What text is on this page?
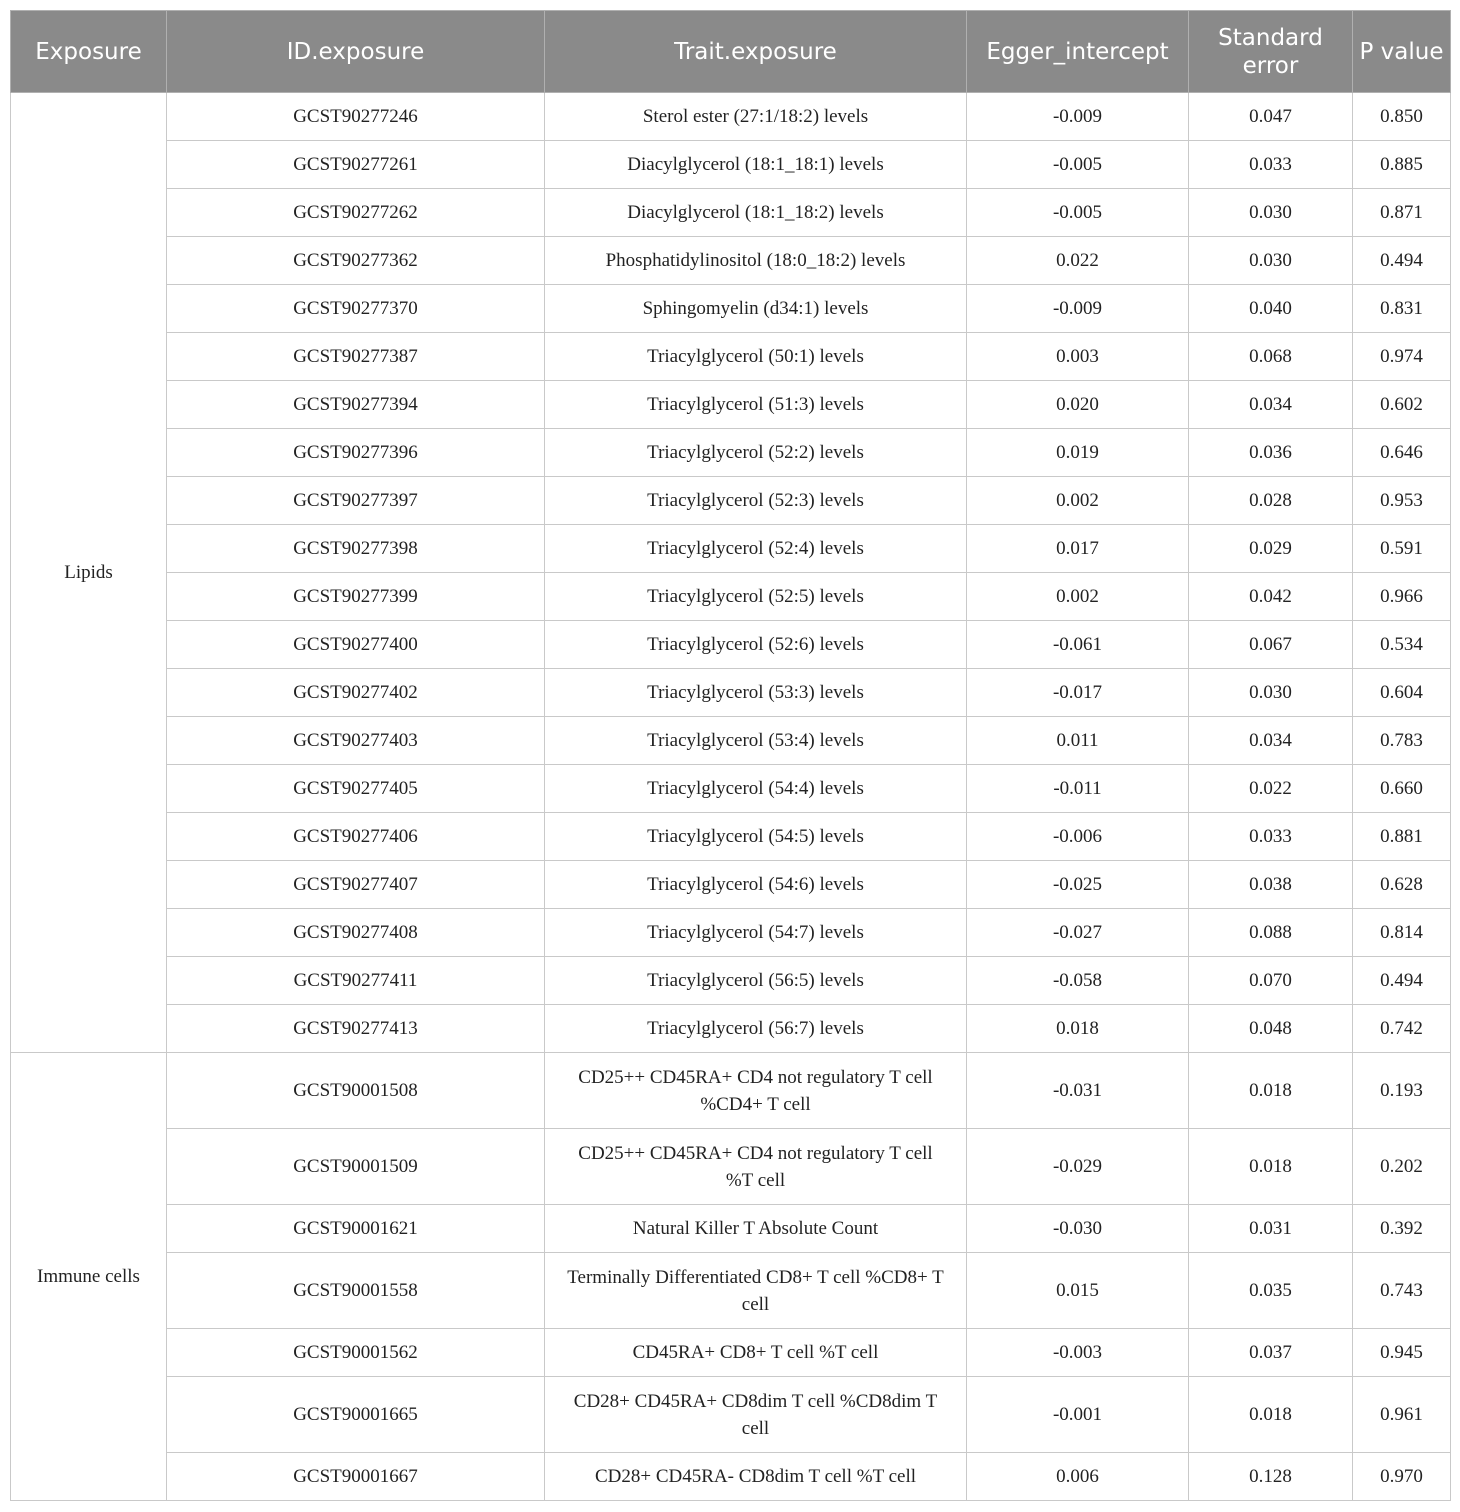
Exposure	ID.exposure	Trait.exposure	Egger_intercept	Standard error	P value
Lipids	GCST90277246	Sterol ester (27:1/18:2) levels	-0.009	0.047	0.850
	GCST90277261	Diacylglycerol (18:1_18:1) levels	-0.005	0.033	0.885
	GCST90277262	Diacylglycerol (18:1_18:2) levels	-0.005	0.030	0.871
	GCST90277362	Phosphatidylinositol (18:0_18:2) levels	0.022	0.030	0.494
	GCST90277370	Sphingomyelin (d34:1) levels	-0.009	0.040	0.831
	GCST90277387	Triacylglycerol (50:1) levels	0.003	0.068	0.974
	GCST90277394	Triacylglycerol (51:3) levels	0.020	0.034	0.602
	GCST90277396	Triacylglycerol (52:2) levels	0.019	0.036	0.646
	GCST90277397	Triacylglycerol (52:3) levels	0.002	0.028	0.953
	GCST90277398	Triacylglycerol (52:4) levels	0.017	0.029	0.591
	GCST90277399	Triacylglycerol (52:5) levels	0.002	0.042	0.966
	GCST90277400	Triacylglycerol (52:6) levels	-0.061	0.067	0.534
	GCST90277402	Triacylglycerol (53:3) levels	-0.017	0.030	0.604
	GCST90277403	Triacylglycerol (53:4) levels	0.011	0.034	0.783
	GCST90277405	Triacylglycerol (54:4) levels	-0.011	0.022	0.660
	GCST90277406	Triacylglycerol (54:5) levels	-0.006	0.033	0.881
	GCST90277407	Triacylglycerol (54:6) levels	-0.025	0.038	0.628
	GCST90277408	Triacylglycerol (54:7) levels	-0.027	0.088	0.814
	GCST90277411	Triacylglycerol (56:5) levels	-0.058	0.070	0.494
	GCST90277413	Triacylglycerol (56:7) levels	0.018	0.048	0.742
Immune cells	GCST90001508	CD25++ CD45RA+ CD4 not regulatory T cell %CD4+ T cell	-0.031	0.018	0.193
	GCST90001509	CD25++ CD45RA+ CD4 not regulatory T cell %T cell	-0.029	0.018	0.202
	GCST90001621	Natural Killer T Absolute Count	-0.030	0.031	0.392
	GCST90001558	Terminally Differentiated CD8+ T cell %CD8+ T cell	0.015	0.035	0.743
	GCST90001562	CD45RA+ CD8+ T cell %T cell	-0.003	0.037	0.945
	GCST90001665	CD28+ CD45RA+ CD8dim T cell %CD8dim T cell	-0.001	0.018	0.961
	GCST90001667	CD28+ CD45RA- CD8dim T cell %T cell	0.006	0.128	0.970
